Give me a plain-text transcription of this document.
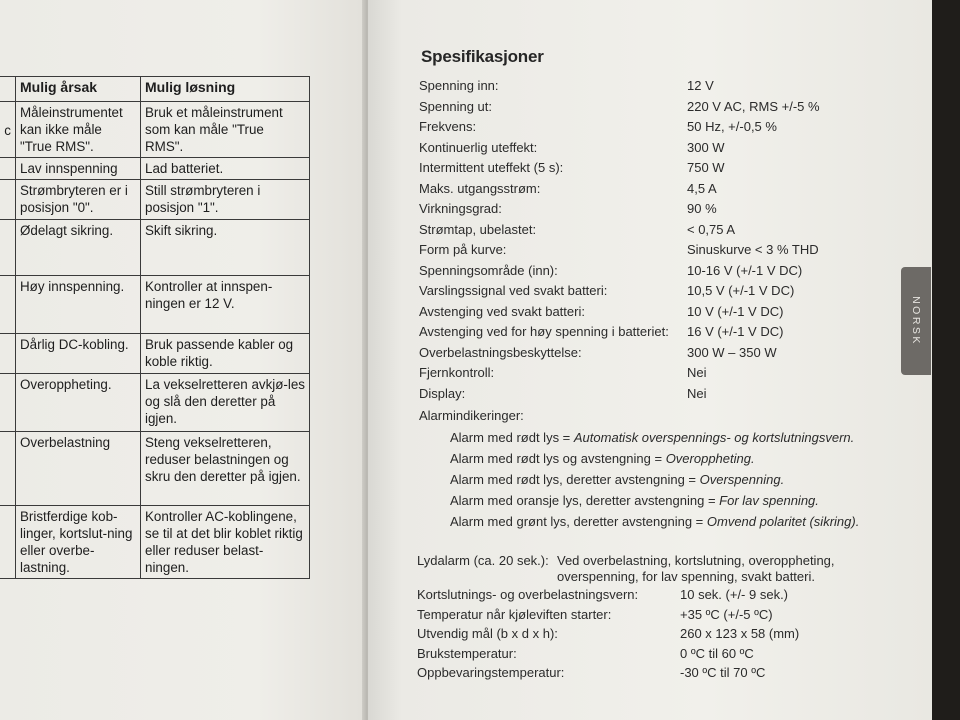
	Mulig årsak	Mulig løsning
c	Måleinstrumentet kan ikke måle "True RMS".	Bruk et måleinstrument som kan måle "True RMS".
	Lav innspenning	Lad batteriet.
	Strømbryteren er i posisjon "0".	Still strømbryteren i posisjon "1".
	Ødelagt sikring.	Skift sikring.
	Høy innspenning.	Kontroller at innspen-ningen er 12 V.
	Dårlig DC-kobling.	Bruk passende kabler og koble riktig.
	Overoppheting.	La vekselretteren avkjø-les og slå den deretter på igjen.
	Overbelastning	Steng vekselretteren, reduser belastningen og skru den deretter på igjen.
	Bristferdige kob-linger, kortslut-ning eller overbe-lastning.	Kontroller AC-koblingene, se til at det blir koblet riktig eller reduser belast-ningen.
Spesifikasjoner
Spenning inn:	12 V
Spenning ut:	220 V AC, RMS +/-5 %
Frekvens:	50 Hz, +/-0,5 %
Kontinuerlig uteffekt:	300 W
Intermittent uteffekt (5 s):	750 W
Maks. utgangsstrøm:	4,5 A
Virkningsgrad:	90 %
Strømtap, ubelastet:	< 0,75 A
Form på kurve:	Sinuskurve < 3 % THD
Spenningsområde (inn):	10-16 V (+/-1 V DC)
Varslingssignal ved svakt batteri:	10,5 V (+/-1 V DC)
Avstenging ved svakt batteri:	10 V (+/-1 V DC)
Avstenging ved for høy spenning i batteriet: 16 V (+/-1 V DC)
Overbelastningsbeskyttelse:	300 W – 350 W
Fjernkontroll:	Nei
Display:	Nei
Alarmindikeringer:
Alarm med rødt lys = Automatisk overspennings- og kortslutningsvern.
Alarm med rødt lys og avstengning = Overoppheting.
Alarm med rødt lys, deretter avstengning = Overspenning.
Alarm med oransje lys, deretter avstengning = For lav spenning.
Alarm med grønt lys, deretter avstengning = Omvend polaritet (sikring).
Lydalarm (ca. 20 sek.): Ved overbelastning, kortslutning, overoppheting, overspenning, for lav spenning, svakt batteri.
Kortslutnings- og overbelastningsvern:	10 sek. (+/- 9 sek.)
Temperatur når kjøleviften starter:	+35 ºC (+/-5 ºC)
Utvendig mål (b x d x h):	260 x 123 x 58 (mm)
Brukstemperatur:	0 ºC til 60 ºC
Oppbevaringstemperatur:	-30 ºC til 70 ºC
NORSK
